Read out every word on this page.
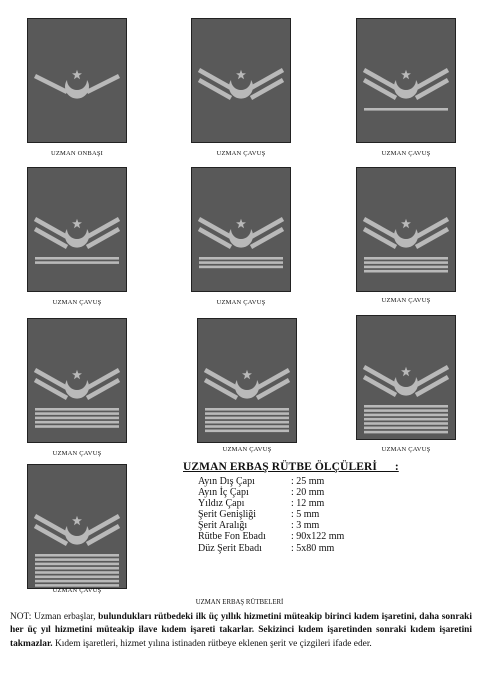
UZMAN ONBAŞI	UZMAN ÇAVUŞ	UZMAN ÇAVUŞ
UZMAN ÇAVUŞ	UZMAN ÇAVUŞ	UZMAN ÇAVUŞ
UZMAN ÇAVUŞ
UZMAN ÇAVUŞ	UZMAN ÇAVUŞ
UZMAN ÇAVUŞ
UZMAN ERBAŞ RÜTBE ÖLÇÜLERİ      :
Ayın Dış Çapı	: 25 mm
Ayın İç Çapı	: 20 mm
Yıldız Çapı	: 12 mm
Şerit Genişliği	: 5 mm
Şerit Aralığı	: 3 mm
Rütbe Fon Ebadı	: 90x122 mm
Düz Şerit Ebadı	: 5x80 mm
UZMAN ERBAŞ RÜTBELERİ
NOT: Uzman erbaşlar, bulundukları rütbedeki ilk üç yıllık hizmetini müteakip birinci kıdem işaretini, daha sonraki her üç yıl hizmetini müteakip ilave kıdem işareti takarlar. Sekizinci kıdem işaretinden sonraki kıdem işaretini takmazlar. Kıdem işaretleri, hizmet yılına istinaden rütbeye eklenen şerit ve çizgileri ifade eder.
